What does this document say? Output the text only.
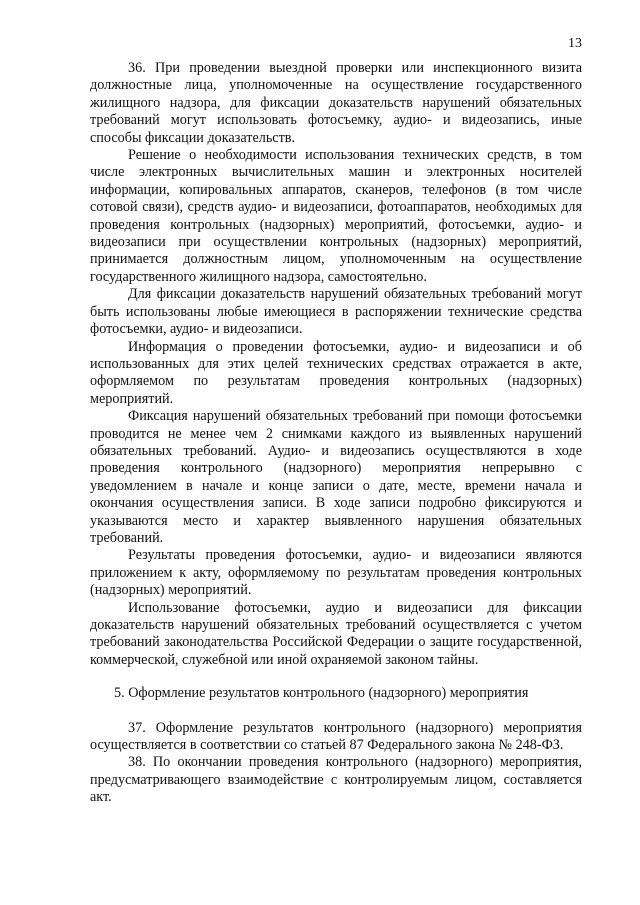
13

36. При проведении выездной проверки или инспекционного визита должностные лица, уполномоченные на осуществление государственного жилищного надзора, для фиксации доказательств нарушений обязательных требований могут использовать фотосъемку, аудио- и видеозапись, иные способы фиксации доказательств.

Решение о необходимости использования технических средств, в том числе электронных вычислительных машин и электронных носителей информации, копировальных аппаратов, сканеров, телефонов (в том числе сотовой связи), средств аудио- и видеозаписи, фотоаппаратов, необходимых для проведения контрольных (надзорных) мероприятий, фотосъемки, аудио- и видеозаписи при осуществлении контрольных (надзорных) мероприятий, принимается должностным лицом, уполномоченным на осуществление государственного жилищного надзора, самостоятельно.

Для фиксации доказательств нарушений обязательных требований могут быть использованы любые имеющиеся в распоряжении технические средства фотосъемки, аудио- и видеозаписи.

Информация о проведении фотосъемки, аудио- и видеозаписи и об использованных для этих целей технических средствах отражается в акте, оформляемом по результатам проведения контрольных (надзорных) мероприятий.

Фиксация нарушений обязательных требований при помощи фотосъемки проводится не менее чем 2 снимками каждого из выявленных нарушений обязательных требований. Аудио- и видеозапись осуществляются в ходе проведения контрольного (надзорного) мероприятия непрерывно с уведомлением в начале и конце записи о дате, месте, времени начала и окончания осуществления записи. В ходе записи подробно фиксируются и указываются место и характер выявленного нарушения обязательных требований.

Результаты проведения фотосъемки, аудио- и видеозаписи являются приложением к акту, оформляемому по результатам проведения контрольных (надзорных) мероприятий.

Использование фотосъемки, аудио и видеозаписи для фиксации доказательств нарушений обязательных требований осуществляется с учетом требований законодательства Российской Федерации о защите государственной, коммерческой, служебной или иной охраняемой законом тайны.

5. Оформление результатов контрольного (надзорного) мероприятия

37. Оформление результатов контрольного (надзорного) мероприятия осуществляется в соответствии со статьей 87 Федерального закона № 248-ФЗ.

38. По окончании проведения контрольного (надзорного) мероприятия, предусматривающего взаимодействие с контролируемым лицом, составляется акт.
